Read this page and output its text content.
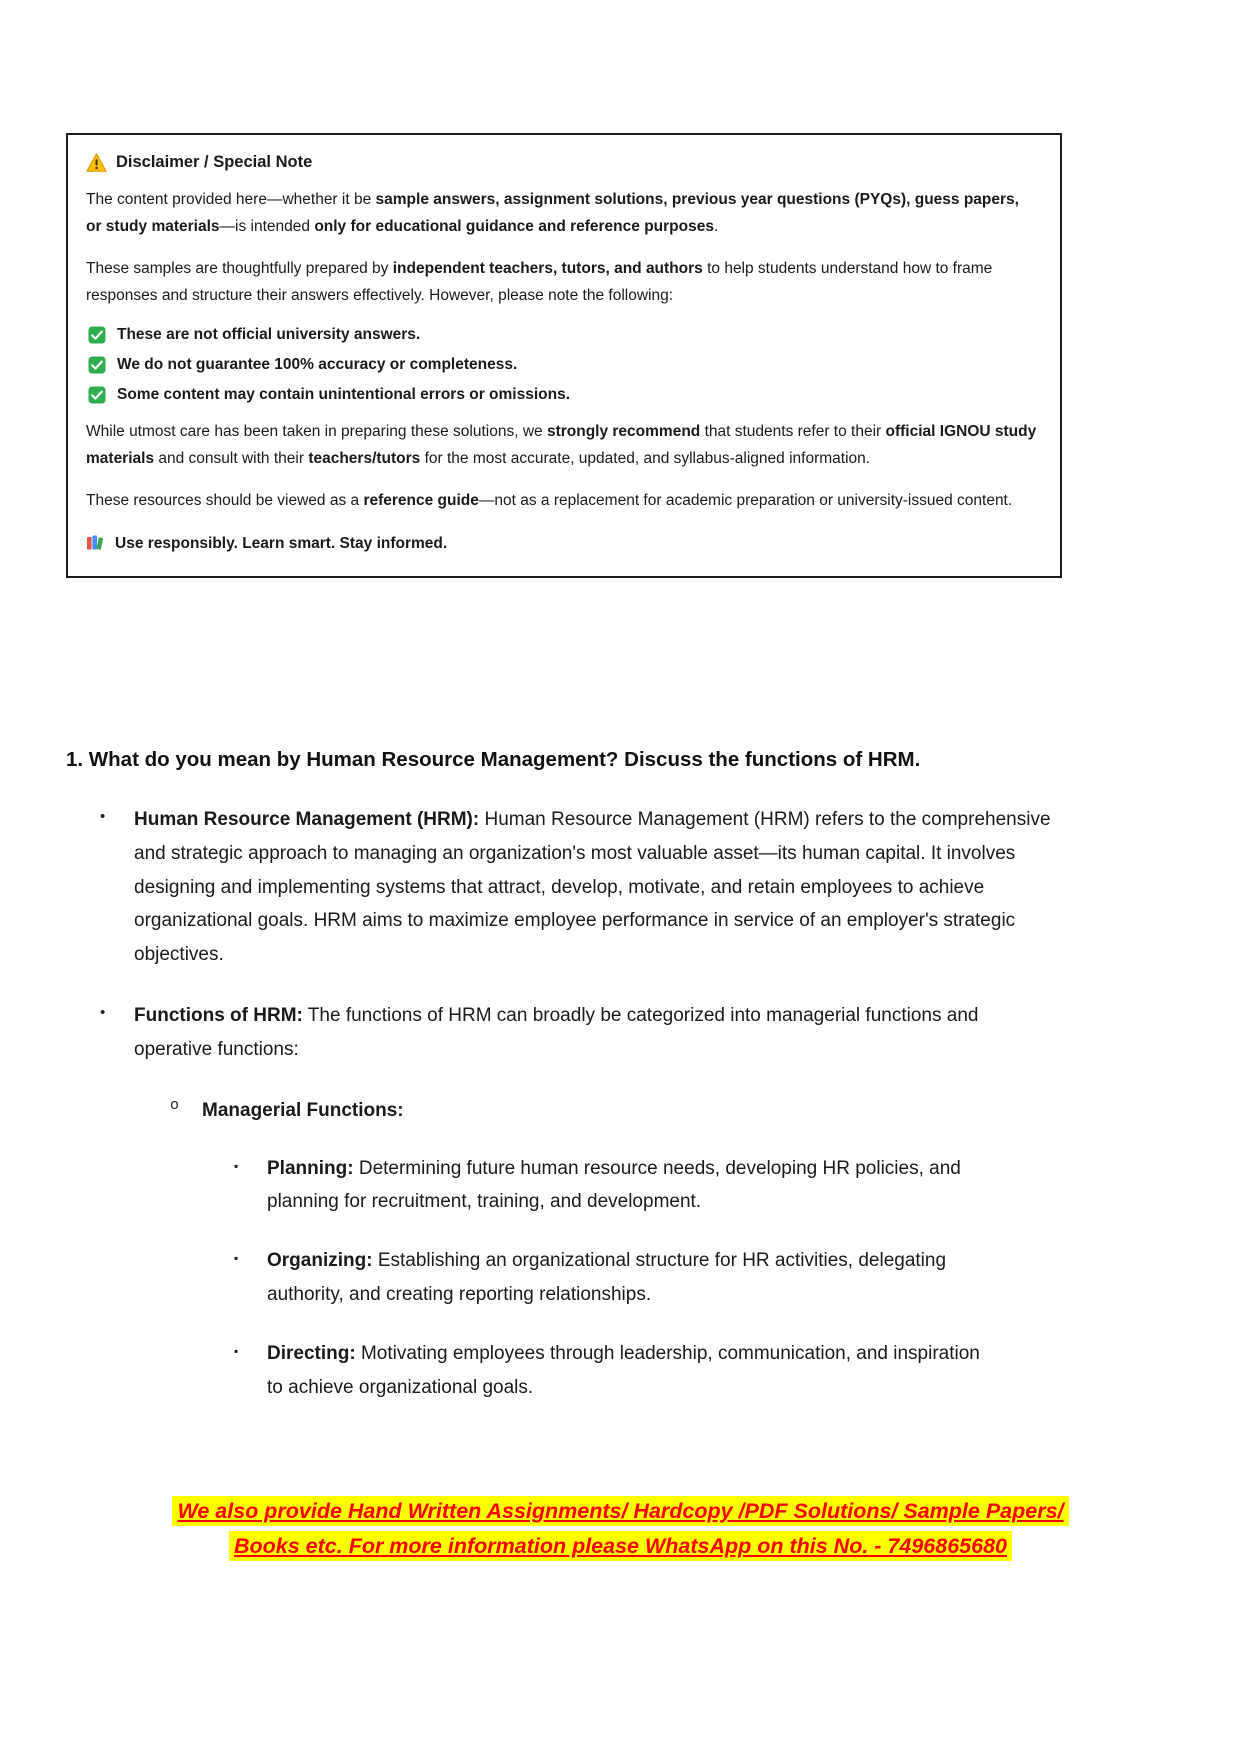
Disclaimer / Special Note

The content provided here—whether it be sample answers, assignment solutions, previous year questions (PYQs), guess papers, or study materials—is intended only for educational guidance and reference purposes.

These samples are thoughtfully prepared by independent teachers, tutors, and authors to help students understand how to frame responses and structure their answers effectively. However, please note the following:

These are not official university answers.
We do not guarantee 100% accuracy or completeness.
Some content may contain unintentional errors or omissions.

While utmost care has been taken in preparing these solutions, we strongly recommend that students refer to their official IGNOU study materials and consult with their teachers/tutors for the most accurate, updated, and syllabus-aligned information.

These resources should be viewed as a reference guide—not as a replacement for academic preparation or university-issued content.

Use responsibly. Learn smart. Stay informed.
1. What do you mean by Human Resource Management? Discuss the functions of HRM.
•	Human Resource Management (HRM): Human Resource Management (HRM) refers to the comprehensive and strategic approach to managing an organization's most valuable asset—its human capital. It involves designing and implementing systems that attract, develop, motivate, and retain employees to achieve organizational goals. HRM aims to maximize employee performance in service of an employer's strategic objectives.
•	Functions of HRM: The functions of HRM can broadly be categorized into managerial functions and operative functions:
o	Managerial Functions:
▪	Planning: Determining future human resource needs, developing HR policies, and planning for recruitment, training, and development.
▪	Organizing: Establishing an organizational structure for HR activities, delegating authority, and creating reporting relationships.
▪	Directing: Motivating employees through leadership, communication, and inspiration to achieve organizational goals.
We also provide Hand Written Assignments/ Hardcopy /PDF Solutions/ Sample Papers/
Books etc. For more information please WhatsApp on this No. - 7496865680
